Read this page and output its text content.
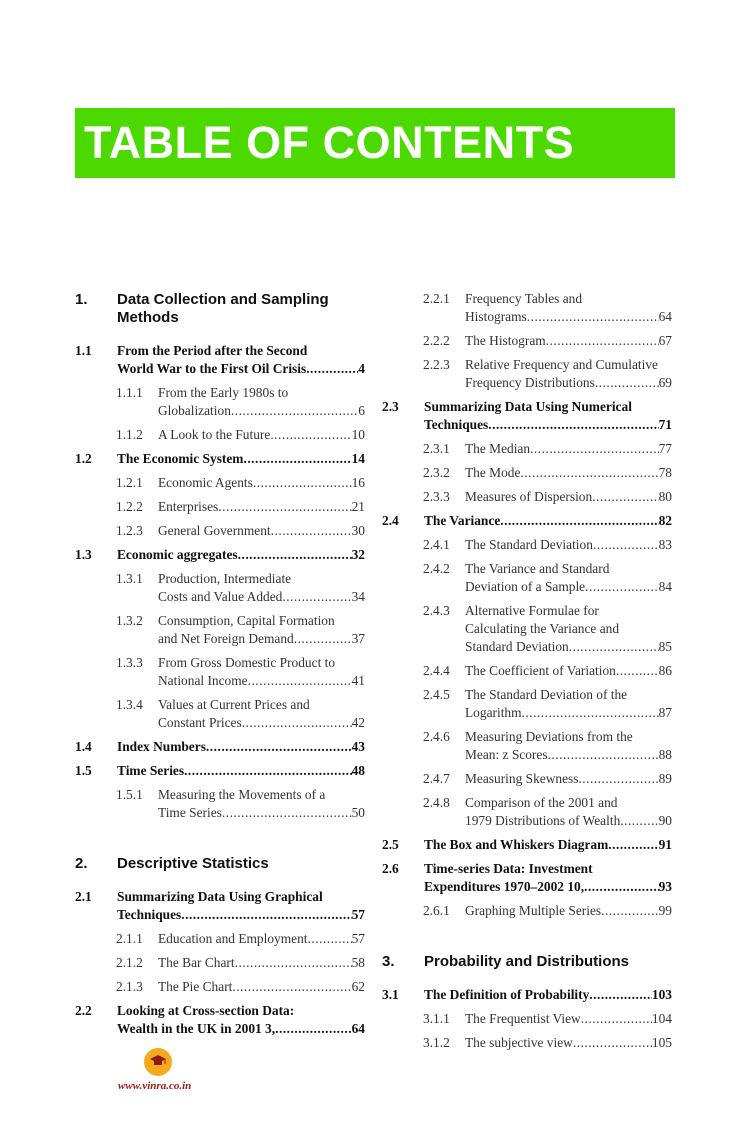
TABLE OF CONTENTS
1. Data Collection and Sampling
Methods
1.1 From the Period after the Second
World War to the First Oil Crisis .....	4
1.1.1 From the Early 1980s to
Globalization .....	6
1.1.2 A Look to the Future .....	10
1.2 The Economic System .....	14
1.2.1 Economic Agents .....	16
1.2.2 Enterprises .....	21
1.2.3 General Government .....	30
1.3 Economic aggregates .....	32
1.3.1 Production, Intermediate
Costs and Value Added .....	34
1.3.2 Consumption, Capital Formation
and Net Foreign Demand .....	37
1.3.3 From Gross Domestic Product to
National Income .....	41
1.3.4 Values at Current Prices and
Constant Prices .....	42
1.4 Index Numbers .....	43
1.5 Time Series .....	48
1.5.1 Measuring the Movements of a
Time Series .....	50
2. Descriptive Statistics
2.1 Summarizing Data Using Graphical
Techniques .....	57
2.1.1 Education and Employment .....	57
2.1.2 The Bar Chart .....	58
2.1.3 The Pie Chart .....	62
2.2 Looking at Cross-section Data:
Wealth in the UK in 2001 3, .....	64
2.2.1 Frequency Tables and
Histograms .....	64
2.2.2 The Histogram .....	67
2.2.3 Relative Frequency and Cumulative
Frequency Distributions .....	69
2.3 Summarizing Data Using Numerical
Techniques .....	71
2.3.1 The Median .....	77
2.3.2 The Mode .....	78
2.3.3 Measures of Dispersion .....	80
2.4 The Variance .....	82
2.4.1 The Standard Deviation .....	83
2.4.2 The Variance and Standard
Deviation of a Sample .....	84
2.4.3 Alternative Formulae for
Calculating the Variance and
Standard Deviation .....	85
2.4.4 The Coefficient of Variation .....	86
2.4.5 The Standard Deviation of the
Logarithm .....	87
2.4.6 Measuring Deviations from the
Mean: z Scores .....	88
2.4.7 Measuring Skewness .....	89
2.4.8 Comparison of the 2001 and
1979 Distributions of Wealth .....	90
2.5 The Box and Whiskers Diagram .....	91
2.6 Time-series Data: Investment
Expenditures 1970–2002 10, .....	93
2.6.1 Graphing Multiple Series .....	99
3. Probability and Distributions
3.1 The Definition of Probability .....	103
3.1.1 The Frequentist View .....	104
3.1.2 The subjective view .....	105
www.vinra.co.in
